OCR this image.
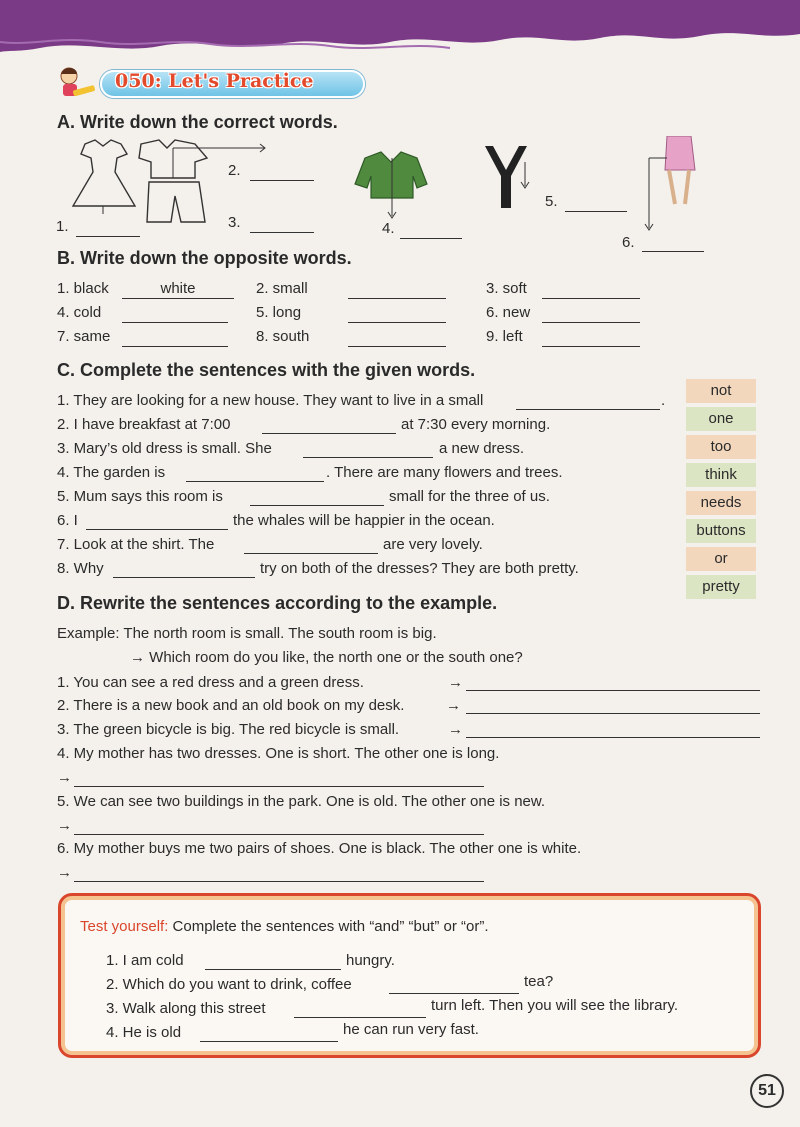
050: Let's Practice
A. Write down the correct words.
1.
2.
3.	4.
5.
6.
B. Write down the opposite words.
1. black	white	2. small	3. soft
4. cold	5. long	6. new
7. same	8. south	9. left
C. Complete the sentences with the given words.
1. They are looking for a new house. They want to live in a small	.
2. I have breakfast at 7:00	at 7:30 every morning.
3. Mary’s old dress is small. She	a new dress.
4. The garden is	. There are many flowers and trees.
5. Mum says this room is	small for the three of us.
6. I	the whales will be happier in the ocean.
7. Look at the shirt. The	are very lovely.
8. Why	try on both of the dresses? They are both pretty.
not
one
too
think
needs
buttons
or
pretty
D. Rewrite the sentences according to the example.
Example: The north room is small. The south room is big.
→ Which room do you like, the north one or the south one?
1. You can see a red dress and a green dress.	→
2. There is a new book and an old book on my desk.	→
3. The green bicycle is big. The red bicycle is small.	→
4. My mother has two dresses. One is short. The other one is long.
→
5. We can see two buildings in the park. One is old. The other one is new.
→
6. My mother buys me two pairs of shoes. One is black. The other one is white.
→
Test yourself: Complete the sentences with “and” “but” or “or”.
1. I am cold	hungry.
2. Which do you want to drink, coffee	tea?
3. Walk along this street	turn left. Then you will see the library.
4. He is old	he can run very fast.
51
